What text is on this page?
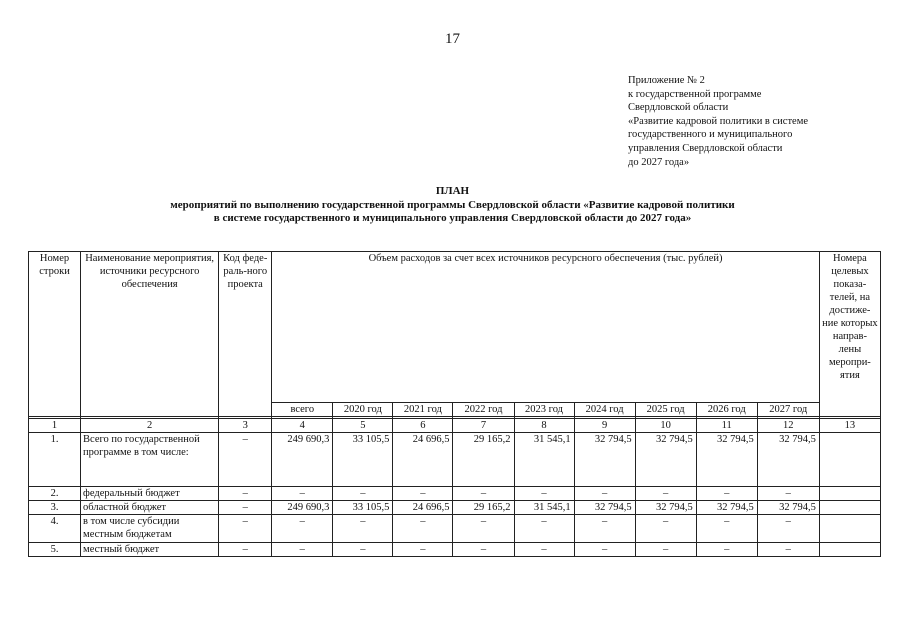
17
Приложение № 2
к государственной программе
Свердловской области
«Развитие кадровой политики в системе
государственного и муниципального
управления Свердловской области
до 2027 года»
ПЛАН
мероприятий по выполнению государственной программы Свердловской области «Развитие кадровой политики
в системе государственного и муниципального управления Свердловской области до 2027 года»
Номер строки	Наименование мероприятия, источники ресурсного обеспечения	Код феде-раль-ного проекта	Объем расходов за счет всех источников ресурсного обеспечения (тыс. рублей)									Номера целевых показа-телей, на достиже-ние которых направ-лены меропри-ятия
			всего	2020 год	2021 год	2022 год	2023 год	2024 год	2025 год	2026 год	2027 год	

1	2	3	4	5	6	7	8	9	10	11	12	13
1.	Всего по государственной программе в том числе:	–	249 690,3	33 105,5	24 696,5	29 165,2	31 545,1	32 794,5	32 794,5	32 794,5	32 794,5	
2.	федеральный бюджет	–	–	–	–	–	–	–	–	–	–	
3.	областной бюджет	–	249 690,3	33 105,5	24 696,5	29 165,2	31 545,1	32 794,5	32 794,5	32 794,5	32 794,5	
4.	в том числе субсидии местным бюджетам	–	–	–	–	–	–	–	–	–	–	
5.	местный бюджет	–	–	–	–	–	–	–	–	–	–	
